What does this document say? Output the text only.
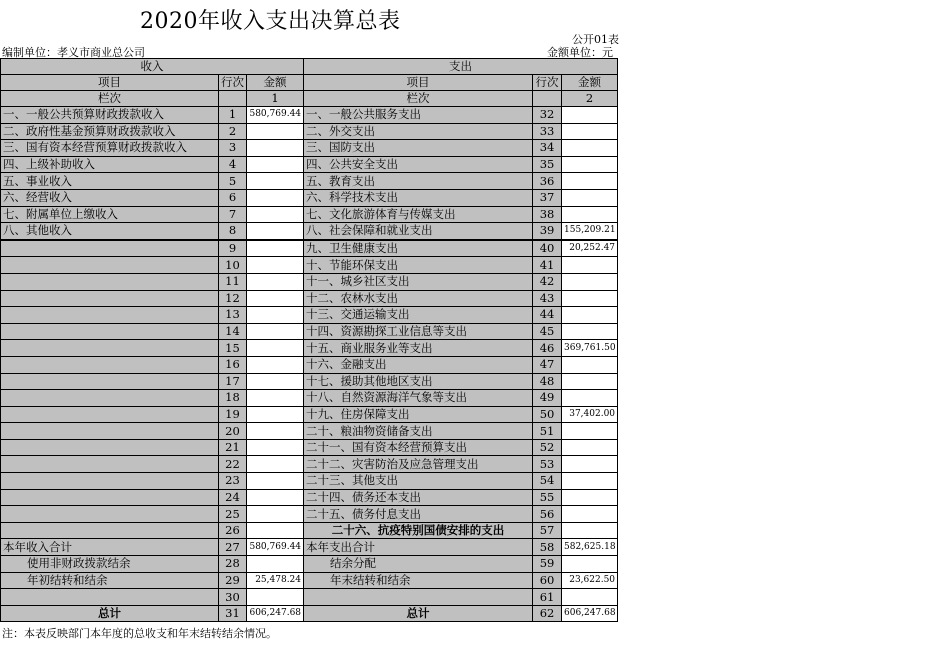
2020年收入支出决算总表
公开01表
编制单位：孝义市商业总公司	金额单位：元
收入			支出		
项目	行次	金额	项目	行次	金额
栏次		1	栏次		2
一、一般公共预算财政拨款收入	1	580,769.44	一、一般公共服务支出	32	
二、政府性基金预算财政拨款收入	2		二、外交支出	33	
三、国有资本经营预算财政拨款收入	3		三、国防支出	34	
四、上级补助收入	4		四、公共安全支出	35	
五、事业收入	5		五、教育支出	36	
六、经营收入	6		六、科学技术支出	37	
七、附属单位上缴收入	7		七、文化旅游体育与传媒支出	38	
八、其他收入	8		八、社会保障和就业支出	39	155,209.21
	9		九、卫生健康支出	40	20,252.47
	10		十、节能环保支出	41	
	11		十一、城乡社区支出	42	
	12		十二、农林水支出	43	
	13		十三、交通运输支出	44	
	14		十四、资源勘探工业信息等支出	45	
	15		十五、商业服务业等支出	46	369,761.50
	16		十六、金融支出	47	
	17		十七、援助其他地区支出	48	
	18		十八、自然资源海洋气象等支出	49	
	19		十九、住房保障支出	50	37,402.00
	20		二十、粮油物资储备支出	51	
	21		二十一、国有资本经营预算支出	52	
	22		二十二、灾害防治及应急管理支出	53	
	23		二十三、其他支出	54	
	24		二十四、债务还本支出	55	
	25		二十五、债务付息支出	56	
	26		二十六、抗疫特别国债安排的支出	57	
本年收入合计	27	580,769.44	本年支出合计	58	582,625.18
使用非财政拨款结余	28		结余分配	59	
年初结转和结余	29	25,478.24	年末结转和结余	60	23,622.50
	30			61	
总计	31	606,247.68	总计	62	606,247.68
注：本表反映部门本年度的总收支和年末结转结余情况。
